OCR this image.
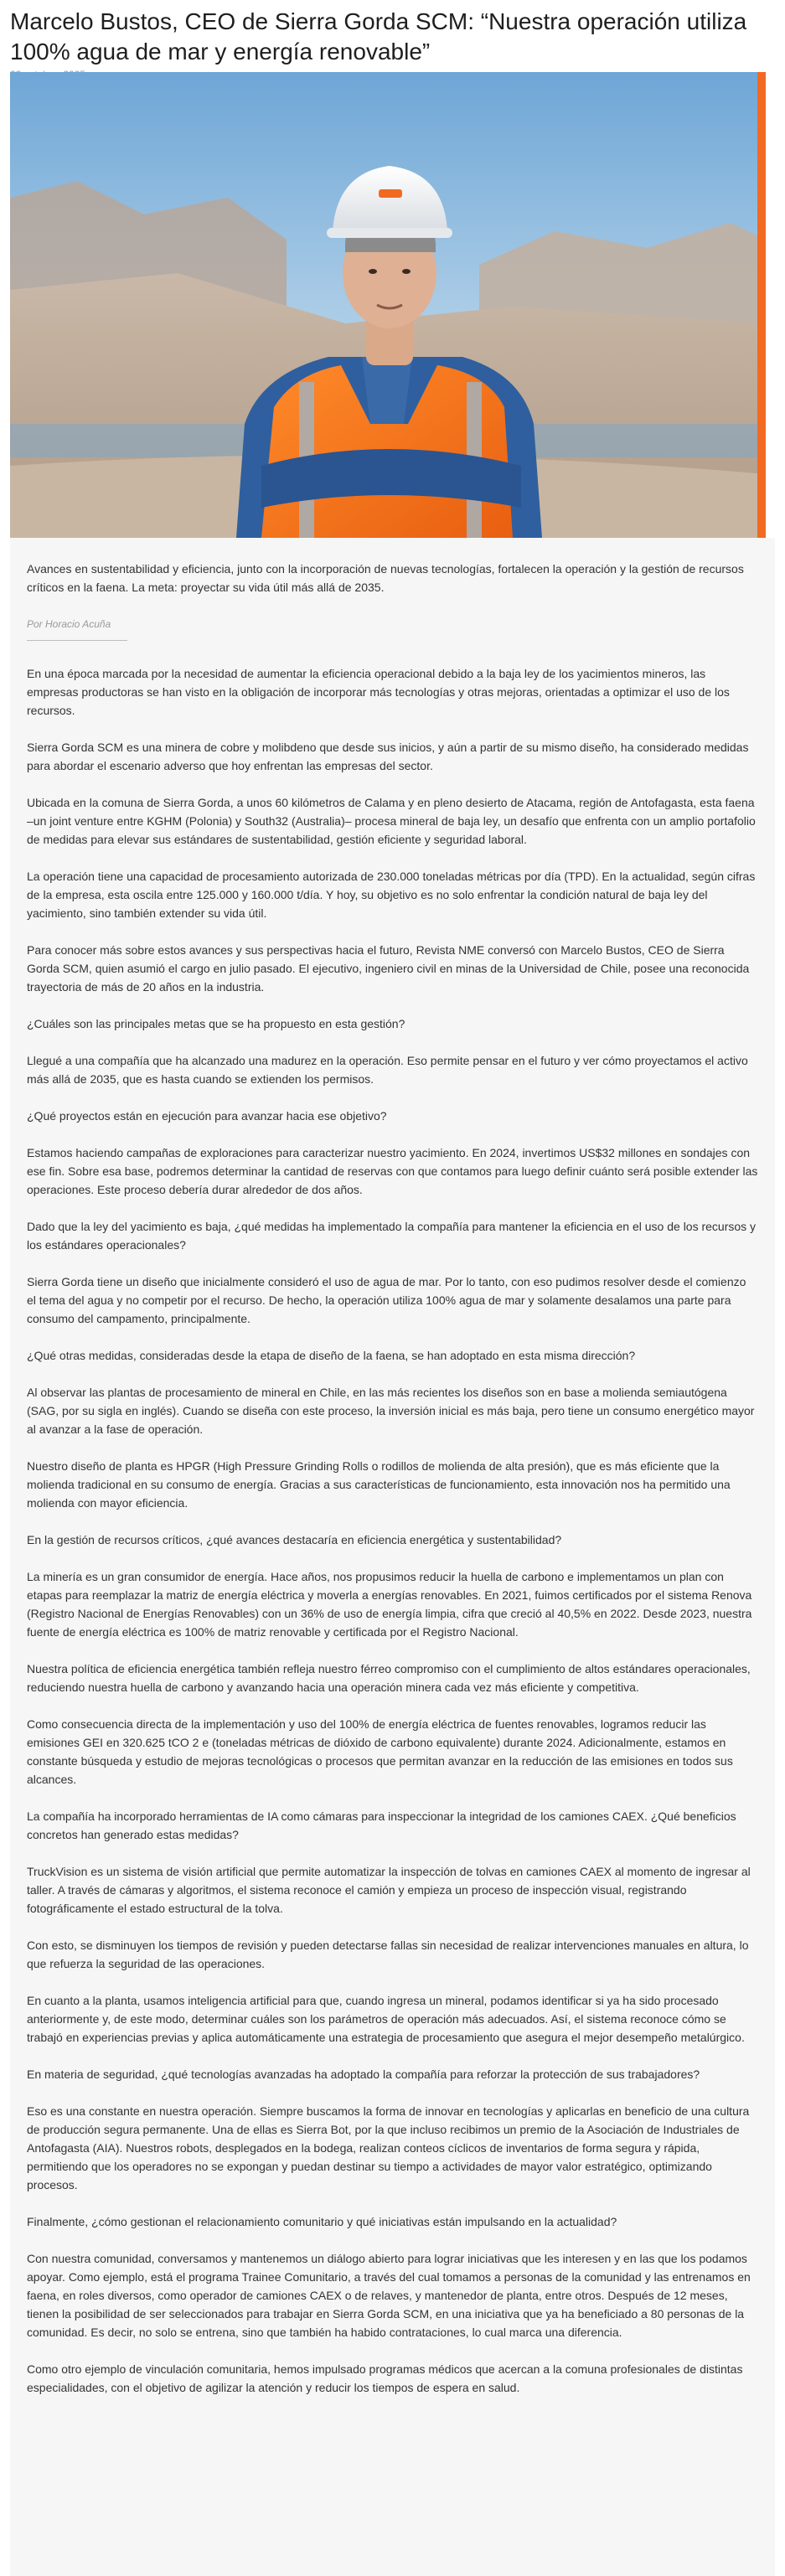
Marcelo Bustos, CEO de Sierra Gorda SCM: “Nuestra operación utiliza 100% agua de mar y energía renovable”

Avances en sustentabilidad y eficiencia, junto con la incorporación de nuevas tecnologías, fortalecen la operación y la gestión de recursos críticos en la faena. La meta: proyectar su vida útil más allá de 2035.

Por Horacio Acuña

En una época marcada por la necesidad de aumentar la eficiencia operacional debido a la baja ley de los yacimientos mineros, las empresas productoras se han visto en la obligación de incorporar más tecnologías y otras mejoras, orientadas a optimizar el uso de los recursos.

Sierra Gorda SCM es una minera de cobre y molibdeno que desde sus inicios, y aún a partir de su mismo diseño, ha considerado medidas para abordar el escenario adverso que hoy enfrentan las empresas del sector.

Ubicada en la comuna de Sierra Gorda, a unos 60 kilómetros de Calama y en pleno desierto de Atacama, región de Antofagasta, esta faena –un joint venture entre KGHM (Polonia) y South32 (Australia)– procesa mineral de baja ley, un desafío que enfrenta con un amplio portafolio de medidas para elevar sus estándares de sustentabilidad, gestión eficiente y seguridad laboral.

La operación tiene una capacidad de procesamiento autorizada de 230.000 toneladas métricas por día (TPD). En la actualidad, según cifras de la empresa, esta oscila entre 125.000 y 160.000 t/día. Y hoy, su objetivo es no solo enfrentar la condición natural de baja ley del yacimiento, sino también extender su vida útil.

Para conocer más sobre estos avances y sus perspectivas hacia el futuro, Revista NME conversó con Marcelo Bustos, CEO de Sierra Gorda SCM, quien asumió el cargo en julio pasado. El ejecutivo, ingeniero civil en minas de la Universidad de Chile, posee una reconocida trayectoria de más de 20 años en la industria.

¿Cuáles son las principales metas que se ha propuesto en esta gestión?

Llegué a una compañía que ha alcanzado una madurez en la operación. Eso permite pensar en el futuro y ver cómo proyectamos el activo más allá de 2035, que es hasta cuando se extienden los permisos.

¿Qué proyectos están en ejecución para avanzar hacia ese objetivo?

Estamos haciendo campañas de exploraciones para caracterizar nuestro yacimiento. En 2024, invertimos US$32 millones en sondajes con ese fin. Sobre esa base, podremos determinar la cantidad de reservas con que contamos para luego definir cuánto será posible extender las operaciones. Este proceso debería durar alrededor de dos años.

Dado que la ley del yacimiento es baja, ¿qué medidas ha implementado la compañía para mantener la eficiencia en el uso de los recursos y los estándares operacionales?

Sierra Gorda tiene un diseño que inicialmente consideró el uso de agua de mar. Por lo tanto, con eso pudimos resolver desde el comienzo el tema del agua y no competir por el recurso. De hecho, la operación utiliza 100% agua de mar y solamente desalamos una parte para consumo del campamento, principalmente.

¿Qué otras medidas, consideradas desde la etapa de diseño de la faena, se han adoptado en esta misma dirección?

Al observar las plantas de procesamiento de mineral en Chile, en las más recientes los diseños son en base a molienda semiautógena (SAG, por su sigla en inglés). Cuando se diseña con este proceso, la inversión inicial es más baja, pero tiene un consumo energético mayor al avanzar a la fase de operación.

Nuestro diseño de planta es HPGR (High Pressure Grinding Rolls o rodillos de molienda de alta presión), que es más eficiente que la molienda tradicional en su consumo de energía. Gracias a sus características de funcionamiento, esta innovación nos ha permitido una molienda con mayor eficiencia.

En la gestión de recursos críticos, ¿qué avances destacaría en eficiencia energética y sustentabilidad?

La minería es un gran consumidor de energía. Hace años, nos propusimos reducir la huella de carbono e implementamos un plan con etapas para reemplazar la matriz de energía eléctrica y moverla a energías renovables. En 2021, fuimos certificados por el sistema Renova (Registro Nacional de Energías Renovables) con un 36% de uso de energía limpia, cifra que creció al 40,5% en 2022. Desde 2023, nuestra fuente de energía eléctrica es 100% de matriz renovable y certificada por el Registro Nacional.

Nuestra política de eficiencia energética también refleja nuestro férreo compromiso con el cumplimiento de altos estándares operacionales, reduciendo nuestra huella de carbono y avanzando hacia una operación minera cada vez más eficiente y competitiva.

Como consecuencia directa de la implementación y uso del 100% de energía eléctrica de fuentes renovables, logramos reducir las emisiones GEI en 320.625 tCO 2 e (toneladas métricas de dióxido de carbono equivalente) durante 2024. Adicionalmente, estamos en constante búsqueda y estudio de mejoras tecnológicas o procesos que permitan avanzar en la reducción de las emisiones en todos sus alcances.

La compañía ha incorporado herramientas de IA como cámaras para inspeccionar la integridad de los camiones CAEX. ¿Qué beneficios concretos han generado estas medidas?

TruckVision es un sistema de visión artificial que permite automatizar la inspección de tolvas en camiones CAEX al momento de ingresar al taller. A través de cámaras y algoritmos, el sistema reconoce el camión y empieza un proceso de inspección visual, registrando fotográficamente el estado estructural de la tolva.

Con esto, se disminuyen los tiempos de revisión y pueden detectarse fallas sin necesidad de realizar intervenciones manuales en altura, lo que refuerza la seguridad de las operaciones.

En cuanto a la planta, usamos inteligencia artificial para que, cuando ingresa un mineral, podamos identificar si ya ha sido procesado anteriormente y, de este modo, determinar cuáles son los parámetros de operación más adecuados. Así, el sistema reconoce cómo se trabajó en experiencias previas y aplica automáticamente una estrategia de procesamiento que asegura el mejor desempeño metalúrgico.

En materia de seguridad, ¿qué tecnologías avanzadas ha adoptado la compañía para reforzar la protección de sus trabajadores?

Eso es una constante en nuestra operación. Siempre buscamos la forma de innovar en tecnologías y aplicarlas en beneficio de una cultura de producción segura permanente. Una de ellas es Sierra Bot, por la que incluso recibimos un premio de la Asociación de Industriales de Antofagasta (AIA). Nuestros robots, desplegados en la bodega, realizan conteos cíclicos de inventarios de forma segura y rápida, permitiendo que los operadores no se expongan y puedan destinar su tiempo a actividades de mayor valor estratégico, optimizando procesos.

Finalmente, ¿cómo gestionan el relacionamiento comunitario y qué iniciativas están impulsando en la actualidad?

Con nuestra comunidad, conversamos y mantenemos un diálogo abierto para lograr iniciativas que les interesen y en las que los podamos apoyar. Como ejemplo, está el programa Trainee Comunitario, a través del cual tomamos a personas de la comunidad y las entrenamos en faena, en roles diversos, como operador de camiones CAEX o de relaves, y mantenedor de planta, entre otros. Después de 12 meses, tienen la posibilidad de ser seleccionados para trabajar en Sierra Gorda SCM, en una iniciativa que ya ha beneficiado a 80 personas de la comunidad. Es decir, no solo se entrena, sino que también ha habido contrataciones, lo cual marca una diferencia.

Como otro ejemplo de vinculación comunitaria, hemos impulsado programas médicos que acercan a la comuna profesionales de distintas especialidades, con el objetivo de agilizar la atención y reducir los tiempos de espera en salud.
